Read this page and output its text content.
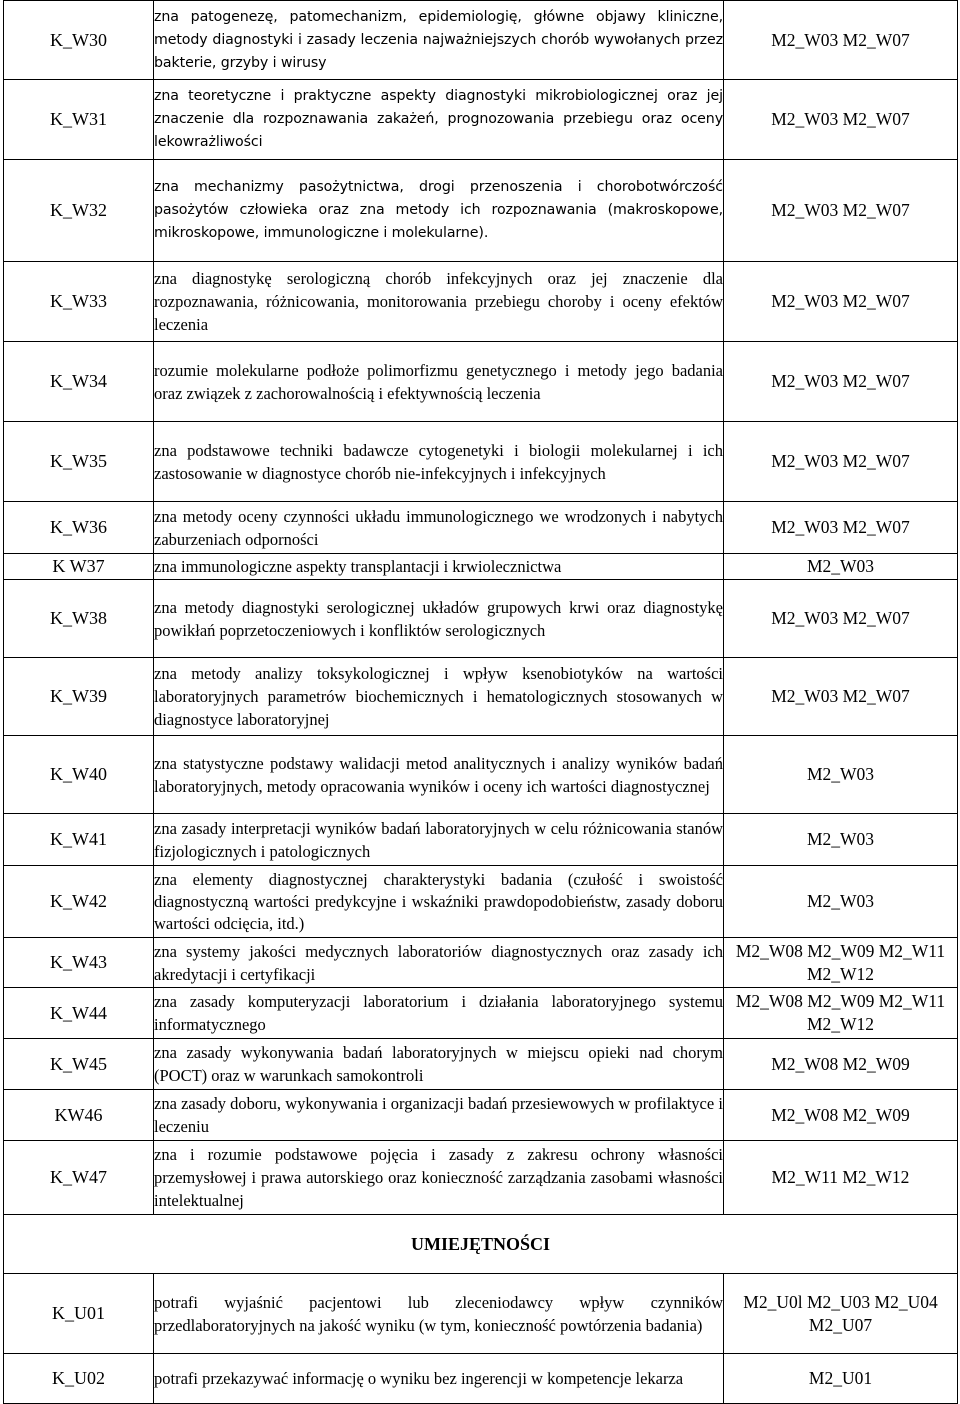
K_W30	zna patogenezę, patomechanizm, epidemiologię, główne objawy kliniczne, metody diagnostyki i zasady leczenia najważniejszych chorób wywołanych przez bakterie, grzyby i wirusy	M2_W03 M2_W07
K_W31	zna teoretyczne i praktyczne aspekty diagnostyki mikrobiologicznej oraz jej znaczenie dla rozpoznawania zakażeń, prognozowania przebiegu oraz oceny lekowrażliwości	M2_W03 M2_W07
K_W32	zna mechanizmy pasożytnictwa, drogi przenoszenia i chorobotwórczość pasożytów człowieka oraz zna metody ich rozpoznawania (makroskopowe, mikroskopowe, immunologiczne i molekularne).	M2_W03 M2_W07
K_W33	zna diagnostykę serologiczną chorób infekcyjnych oraz jej znaczenie dla rozpoznawania, różnicowania, monitorowania przebiegu choroby i oceny efektów leczenia	M2_W03 M2_W07
K_W34	rozumie molekularne podłoże polimorfizmu genetycznego i metody jego badania oraz związek z zachorowalnością i efektywnością leczenia	M2_W03 M2_W07
K_W35	zna podstawowe techniki badawcze cytogenetyki i biologii molekularnej i ich zastosowanie w diagnostyce chorób nie-infekcyjnych i infekcyjnych	M2_W03 M2_W07
K_W36	zna metody oceny czynności układu immunologicznego we wrodzonych i nabytych zaburzeniach odporności	M2_W03 M2_W07
K W37	zna immunologiczne aspekty transplantacji i krwiolecznictwa	M2_W03
K_W38	zna metody diagnostyki serologicznej układów grupowych krwi oraz diagnostykę powikłań poprzetoczeniowych i konfliktów serologicznych	M2_W03 M2_W07
K_W39	zna metody analizy toksykologicznej i wpływ ksenobiotyków na wartości laboratoryjnych parametrów biochemicznych i hematologicznych stosowanych w diagnostyce laboratoryjnej	M2_W03 M2_W07
K_W40	zna statystyczne podstawy walidacji metod analitycznych i analizy wyników badań laboratoryjnych, metody opracowania wyników i oceny ich wartości diagnostycznej	M2_W03
K_W41	zna zasady interpretacji wyników badań laboratoryjnych w celu różnicowania stanów fizjologicznych i patologicznych	M2_W03
K_W42	zna elementy diagnostycznej charakterystyki badania (czułość i swoistość diagnostyczną wartości predykcyjne i wskaźniki prawdopodobieństw, zasady doboru wartości odcięcia, itd.)	M2_W03
K_W43	zna systemy jakości medycznych laboratoriów diagnostycznych oraz zasady ich akredytacji i certyfikacji	M2_W08 M2_W09 M2_W11 M2_W12
K_W44	zna zasady komputeryzacji laboratorium i działania laboratoryjnego systemu informatycznego	M2_W08 M2_W09 M2_W11 M2_W12
K_W45	zna zasady wykonywania badań laboratoryjnych w miejscu opieki nad chorym (POCT) oraz w warunkach samokontroli	M2_W08 M2_W09
KW46	zna zasady doboru, wykonywania i organizacji badań przesiewowych w profilaktyce i leczeniu	M2_W08 M2_W09
K_W47	zna i rozumie podstawowe pojęcia i zasady z zakresu ochrony własności przemysłowej i prawa autorskiego oraz konieczność zarządzania zasobami własności intelektualnej	M2_W11 M2_W12
UMIEJĘTNOŚCI		
K_U01	potrafi wyjaśnić pacjentowi lub zleceniodawcy wpływ czynników przedlaboratoryjnych na jakość wyniku (w tym, konieczność powtórzenia badania)	M2_U0l M2_U03 M2_U04 M2_U07
K_U02	potrafi przekazywać informację o wyniku bez ingerencji w kompetencje lekarza	M2_U01
